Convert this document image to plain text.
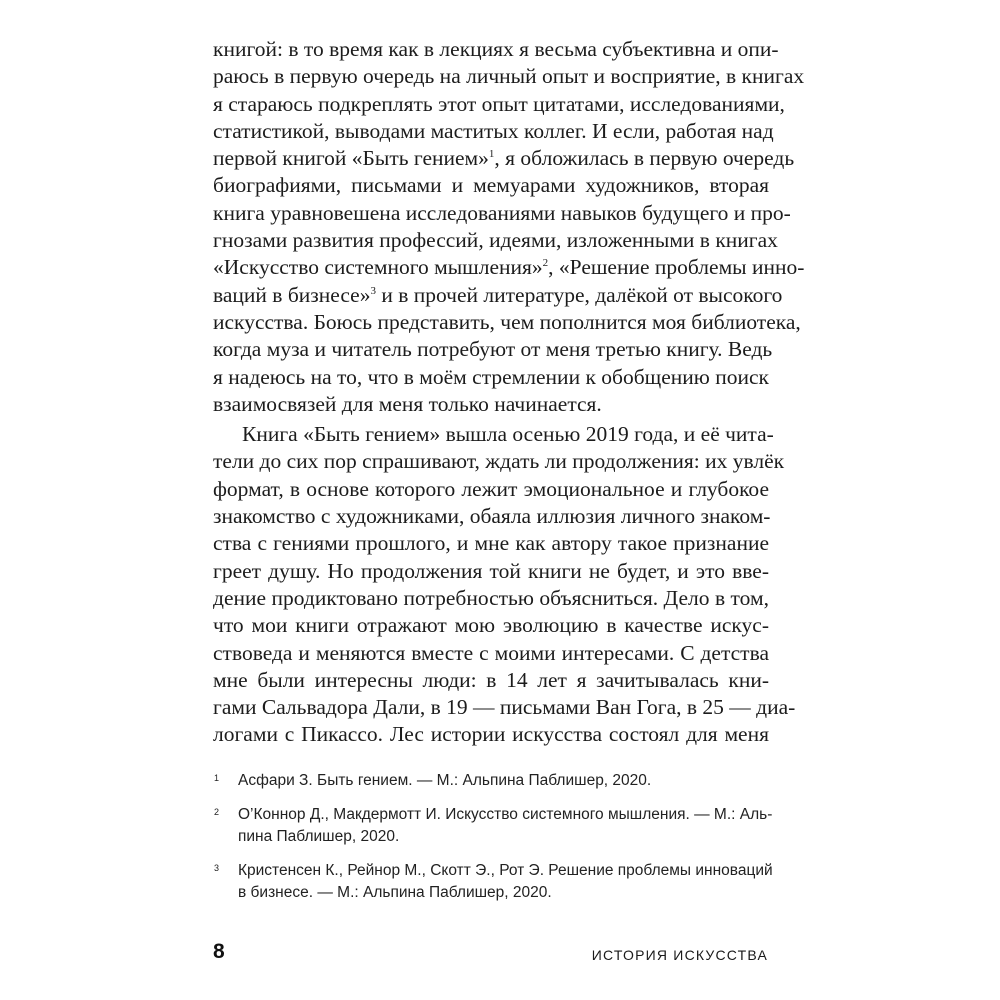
книгой: в то время как в лекциях я весьма субъективна и опи-
раюсь в первую очередь на личный опыт и восприятие, в книгах
я стараюсь подкреплять этот опыт цитатами, исследованиями,
статистикой, выводами маститых коллег. И если, работая над
первой книгой «Быть гением»$^1$, я обложилась в первую очередь
биографиями, письмами и мемуарами художников, вторая
книга уравновешена исследованиями навыков будущего и про-
гнозами развития профессий, идеями, изложенными в книгах
«Искусство системного мышления»$^2$, «Решение проблемы инно-
ваций в бизнесе»$^3$ и в прочей литературе, далёкой от высокого
искусства. Боюсь представить, чем пополнится моя библиотека,
когда муза и читатель потребуют от меня третью книгу. Ведь
я надеюсь на то, что в моём стремлении к обобщению поиск
взаимосвязей для меня только начинается.
Книга «Быть гением» вышла осенью 2019 года, и её чита-
тели до сих пор спрашивают, ждать ли продолжения: их увлёк
формат, в основе которого лежит эмоциональное и глубокое
знакомство с художниками, обаяла иллюзия личного знаком-
ства с гениями прошлого, и мне как автору такое признание
греет душу. Но продолжения той книги не будет, и это вве-
дение продиктовано потребностью объясниться. Дело в том,
что мои книги отражают мою эволюцию в качестве искус-
ствоведа и меняются вместе с моими интересами. С детства
мне были интересны люди: в 14 лет я зачитывалась кни-
гами Сальвадора Дали, в 19 — письмами Ван Гога, в 25 — диа-
логами с Пикассо. Лес истории искусства состоял для меня
1 Асфари З. Быть гением. — М.: Альпина Паблишер, 2020.
2 О’Коннор Д., Макдермотт И. Искусство системного мышления. — М.: Аль-
пина Паблишер, 2020.
3 Кристенсен К., Рейнор М., Скотт Э., Рот Э. Решение проблемы инноваций
в бизнесе. — М.: Альпина Паблишер, 2020.
8	ИСТОРИЯ ИСКУССТВА
